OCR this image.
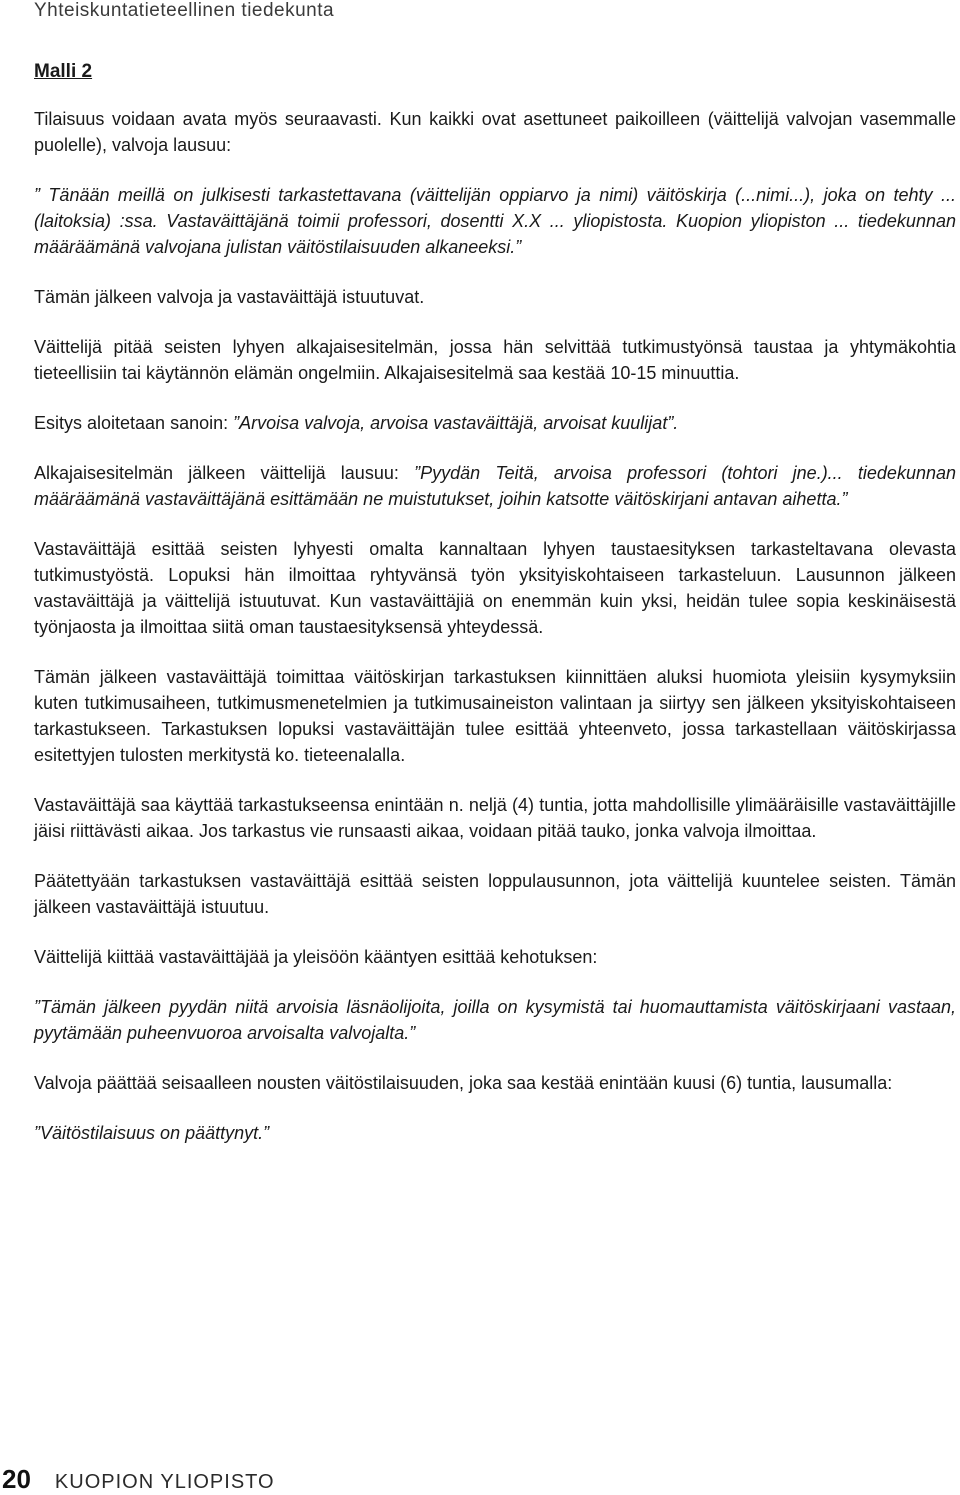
Yhteiskuntatieteellinen tiedekunta
Malli 2

Tilaisuus voidaan avata myös seuraavasti. Kun kaikki ovat asettuneet paikoilleen (väittelijä valvojan vasemmalle puolelle), valvoja lausuu:

” Tänään meillä on julkisesti tarkastettavana (väittelijän oppiarvo ja nimi) väitöskirja (...nimi...), joka on tehty ... (laitoksia) :ssa. Vastaväittäjänä toimii professori, dosentti X.X ... yliopistosta. Kuopion yliopiston ... tiedekunnan määräämänä valvojana julistan väitöstilaisuuden alkaneeksi.”

Tämän jälkeen valvoja ja vastaväittäjä istuutuvat.

Väittelijä pitää seisten lyhyen alkajaisesitelmän, jossa hän selvittää tutkimustyönsä taustaa ja yhtymäkohtia tieteellisiin tai käytännön elämän ongelmiin. Alkajaisesitelmä saa kestää 10-15 minuuttia.

Esitys aloitetaan sanoin: ”Arvoisa valvoja, arvoisa vastaväittäjä, arvoisat kuulijat”.

Alkajaisesitelmän jälkeen väittelijä lausuu: ”Pyydän Teitä, arvoisa professori (tohtori jne.)... tiedekunnan määräämänä vastaväittäjänä esittämään ne muistutukset, joihin katsotte väitöskirjani antavan aihetta.”

Vastaväittäjä esittää seisten lyhyesti omalta kannaltaan lyhyen taustaesityksen tarkasteltavana olevasta tutkimustyöstä. Lopuksi hän ilmoittaa ryhtyvänsä työn yksityiskohtaiseen tarkasteluun. Lausunnon jälkeen vastaväittäjä ja väittelijä istuutuvat. Kun vastaväittäjiä on enemmän kuin yksi, heidän tulee sopia keskinäisestä työnjaosta ja ilmoittaa siitä oman taustaesityksensä yhteydessä.

Tämän jälkeen vastaväittäjä toimittaa väitöskirjan tarkastuksen kiinnittäen aluksi huomiota yleisiin kysymyksiin kuten tutkimusaiheen, tutkimusmenetelmien ja tutkimusaineiston valintaan ja siirtyy sen jälkeen yksityiskohtaiseen tarkastukseen. Tarkastuksen lopuksi vastaväittäjän tulee esittää yhteenveto, jossa tarkastellaan väitöskirjassa esitettyjen tulosten merkitystä ko. tieteenalalla.

Vastaväittäjä saa käyttää tarkastukseensa enintään n. neljä (4) tuntia, jotta mahdollisille ylimääräisille vastaväittäjille jäisi riittävästi aikaa. Jos tarkastus vie runsaasti aikaa, voidaan pitää tauko, jonka valvoja ilmoittaa.

Päätettyään tarkastuksen vastaväittäjä esittää seisten loppulausunnon, jota väittelijä kuuntelee seisten. Tämän jälkeen vastaväittäjä istuutuu.

Väittelijä kiittää vastaväittäjää ja yleisöön kääntyen esittää kehotuksen:

”Tämän jälkeen pyydän niitä arvoisia läsnäolijoita, joilla on kysymistä tai huomauttamista väitöskirjaani vastaan, pyytämään puheenvuoroa arvoisalta valvojalta.”

Valvoja päättää seisaalleen nousten väitöstilaisuuden, joka saa kestää enintään kuusi (6) tuntia, lausumalla:

”Väitöstilaisuus on päättynyt.”

20 KUOPION YLIOPISTO
